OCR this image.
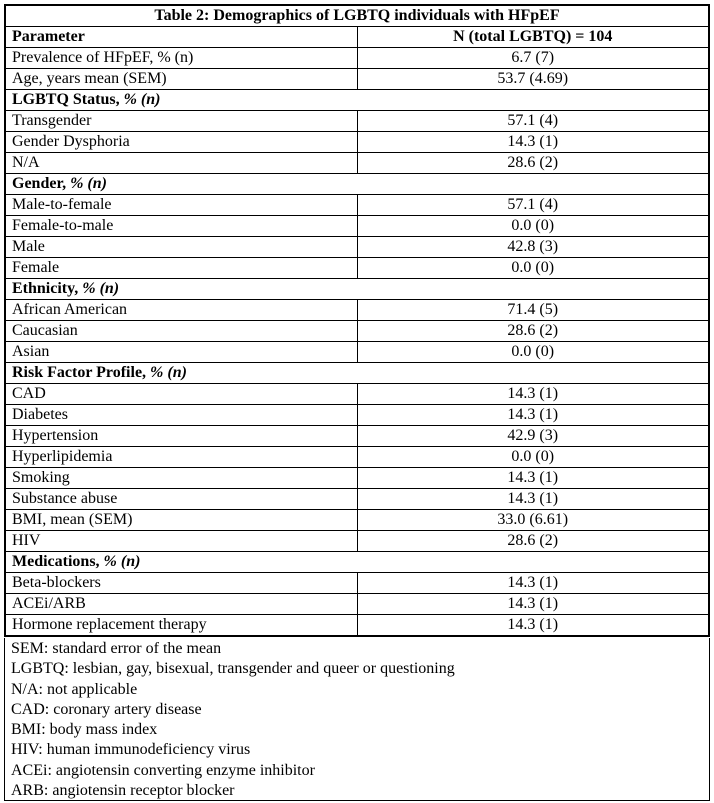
Table 2: Demographics of LGBTQ individuals with HFpEF	
Parameter	N (total LGBTQ) = 104
Prevalence of HFpEF, % (n)	6.7 (7)
Age, years mean (SEM)	53.7 (4.69)
LGBTQ Status, % (n)	
Transgender	57.1 (4)
Gender Dysphoria	14.3 (1)
N/A	28.6 (2)
Gender, % (n)	
Male-to-female	57.1 (4)
Female-to-male	0.0 (0)
Male	42.8 (3)
Female	0.0 (0)
Ethnicity, % (n)	
African American	71.4 (5)
Caucasian	28.6 (2)
Asian	0.0 (0)
Risk Factor Profile, % (n)	
CAD	14.3 (1)
Diabetes	14.3 (1)
Hypertension	42.9 (3)
Hyperlipidemia	0.0 (0)
Smoking	14.3 (1)
Substance abuse	14.3 (1)
BMI, mean (SEM)	33.0 (6.61)
HIV	28.6 (2)
Medications, % (n)	
Beta-blockers	14.3 (1)
ACEi/ARB	14.3 (1)
Hormone replacement therapy	14.3 (1)
SEM: standard error of the mean
LGBTQ: lesbian, gay, bisexual, transgender and queer or questioning
N/A: not applicable
CAD: coronary artery disease
BMI: body mass index
HIV: human immunodeficiency virus
ACEi: angiotensin converting enzyme inhibitor
ARB: angiotensin receptor blocker
